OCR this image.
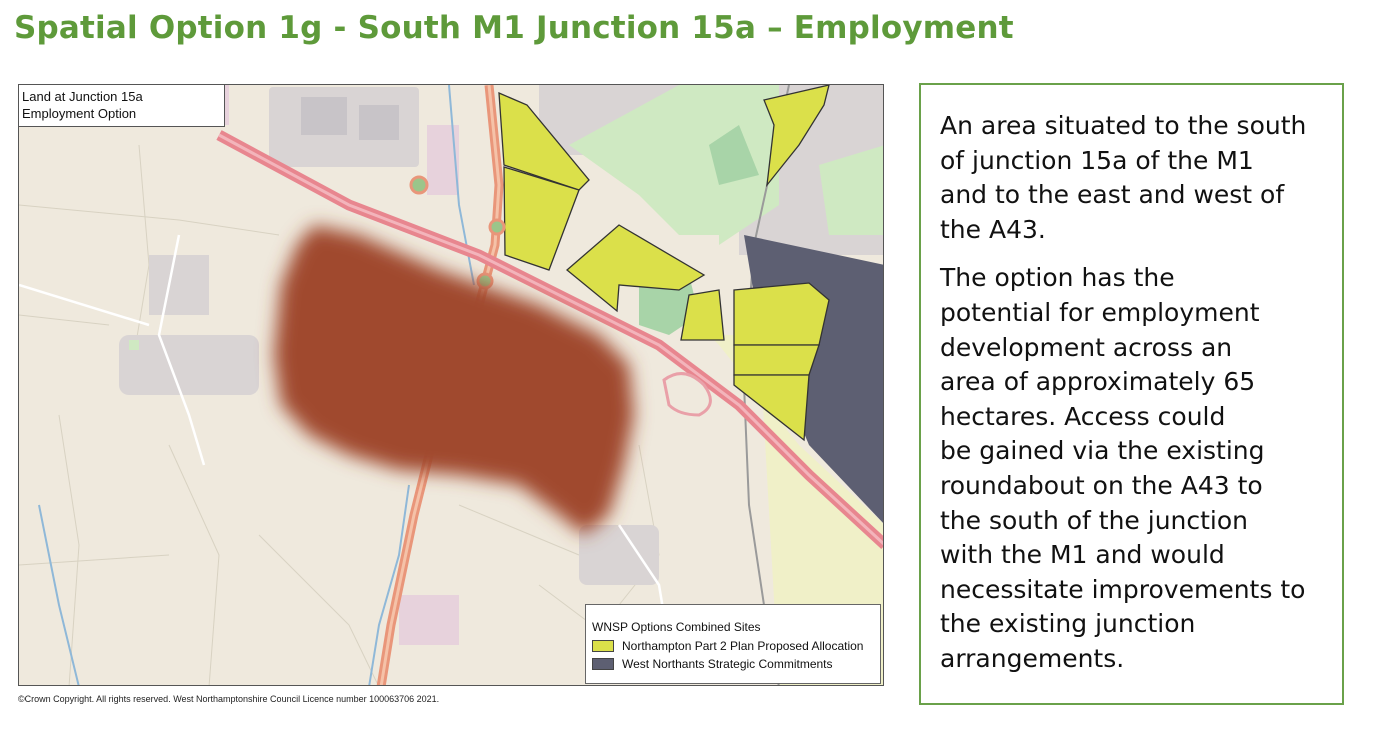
Spatial Option 1g - South M1 Junction 15a – Employment
Land at Junction 15a
Employment Option
WNSP Options Combined Sites
Northampton Part 2 Plan Proposed Allocation
West Northants Strategic Commitments
©Crown Copyright. All rights reserved. West Northamptonshire Council Licence number 100063706 2021.

An area situated to the south
of junction 15a of the M1
and to the east and west of
the A43.

The option has the
potential for employment
development across an
area of approximately 65
hectares. Access could
be gained via the existing
roundabout on the A43 to
the south of the junction
with the M1 and would
necessitate improvements to
the existing junction
arrangements.
